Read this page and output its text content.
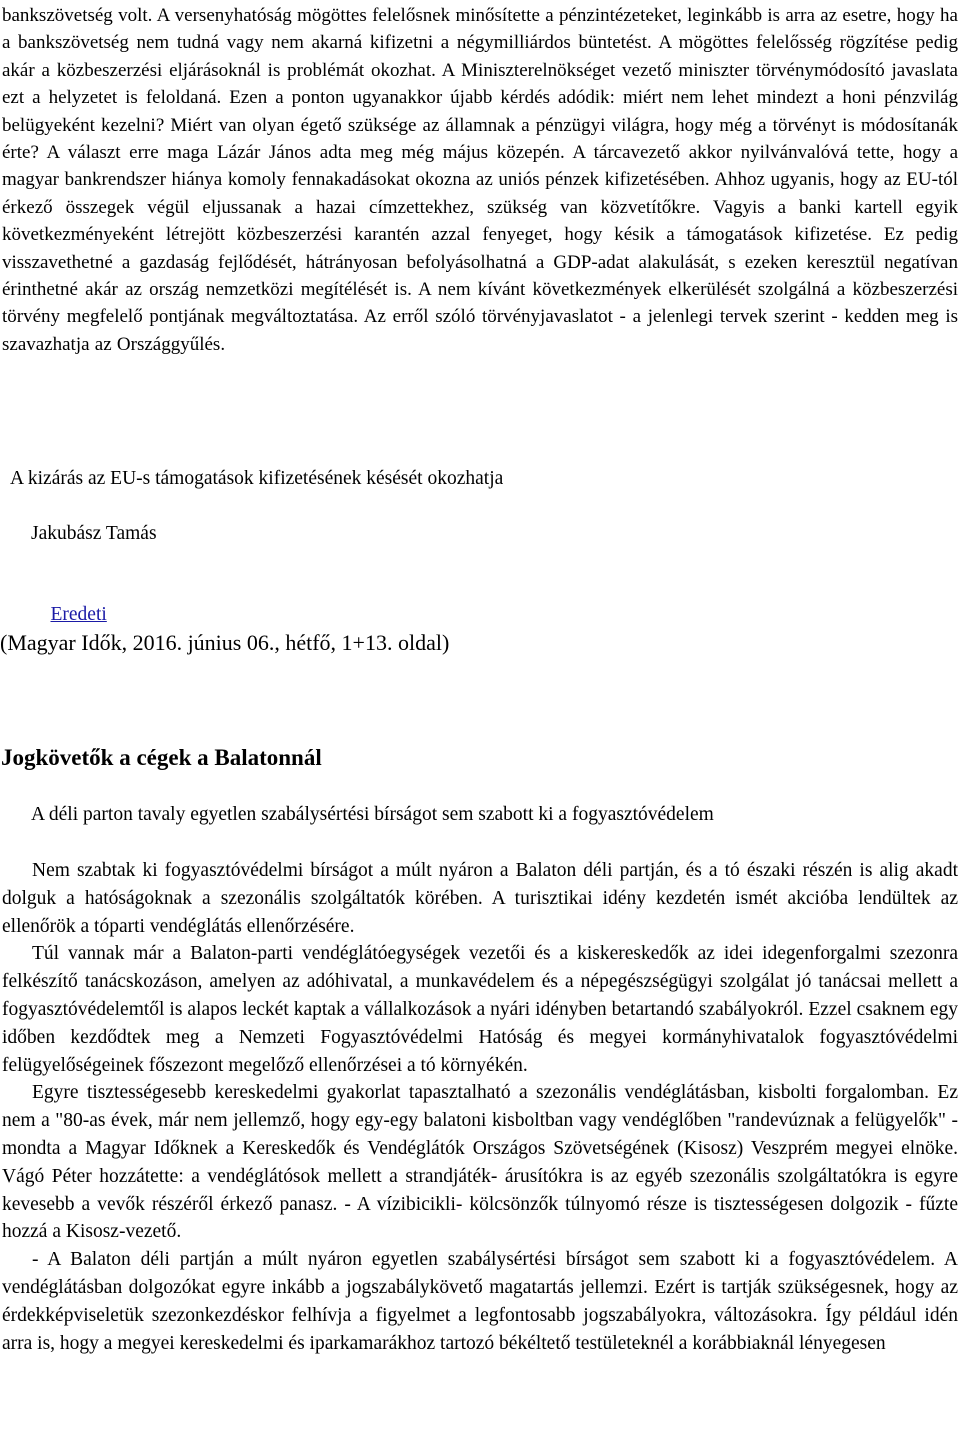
bankszövetség volt. A versenyhatóság mögöttes felelősnek minősítette a pénzintézeteket, leginkább is arra az esetre, hogy ha a bankszövetség nem tudná vagy nem akarná kifizetni a négymilliárdos büntetést. A mögöttes felelősség rögzítése pedig akár a közbeszerzési eljárásoknál is problémát okozhat. A Miniszterelnökséget vezető miniszter törvénymódosító javaslata ezt a helyzetet is feloldaná. Ezen a ponton ugyanakkor újabb kérdés adódik: miért nem lehet mindezt a honi pénzvilág belügyeként kezelni? Miért van olyan égető szüksége az államnak a pénzügyi világra, hogy még a törvényt is módosítanák érte? A választ erre maga Lázár János adta meg még május közepén. A tárcavezető akkor nyilvánvalóvá tette, hogy a magyar bankrendszer hiánya komoly fennakadásokat okozna az uniós pénzek kifizetésében. Ahhoz ugyanis, hogy az EU-tól érkező összegek végül eljussanak a hazai címzettekhez, szükség van közvetítőkre. Vagyis a banki kartell egyik következményeként létrejött közbeszerzési karantén azzal fenyeget, hogy késik a támogatások kifizetése. Ez pedig visszavethetné a gazdaság fejlődését, hátrányosan befolyásolhatná a GDP-adat alakulását, s ezeken keresztül negatívan érinthetné akár az ország nemzetközi megítélését is. A nem kívánt következmények elkerülését szolgálná a közbeszerzési törvény megfelelő pontjának megváltoztatása. Az erről szóló törvényjavaslatot - a jelenlegi tervek szerint - kedden meg is szavazhatja az Országgyűlés.

A kizárás az EU-s támogatások kifizetésének késését okozhatja
Jakubász Tamás

Eredeti

(Magyar Idők, 2016. június 06., hétfő, 1+13. oldal)
Jogkövetők a cégek a Balatonnál
A déli parton tavaly egyetlen szabálysértési bírságot sem szabott ki a fogyasztóvédelem

Nem szabtak ki fogyasztóvédelmi bírságot a múlt nyáron a Balaton déli partján, és a tó északi részén is alig akadt dolguk a hatóságoknak a szezonális szolgáltatók körében. A turisztikai idény kezdetén ismét akcióba lendültek az ellenőrök a tóparti vendéglátás ellenőrzésére.

Túl vannak már a Balaton-parti vendéglátóegységek vezetői és a kiskereskedők az idei idegenforgalmi szezonra felkészítő tanácskozáson, amelyen az adóhivatal, a munkavédelem és a népegészségügyi szolgálat jó tanácsai mellett a fogyasztóvédelemtől is alapos leckét kaptak a vállalkozások a nyári idényben betartandó szabályokról. Ezzel csaknem egy időben kezdődtek meg a Nemzeti Fogyasztóvédelmi Hatóság és megyei kormányhivatalok fogyasztóvédelmi felügyelőségeinek főszezont megelőző ellenőrzései a tó környékén.

Egyre tisztességesebb kereskedelmi gyakorlat tapasztalható a szezonális vendéglátásban, kisbolti forgalomban. Ez nem a "80-as évek, már nem jellemző, hogy egy-egy balatoni kisboltban vagy vendéglőben "randevúznak a felügyelők" - mondta a Magyar Időknek a Kereskedők és Vendéglátók Országos Szövetségének (Kisosz) Veszprém megyei elnöke. Vágó Péter hozzátette: a vendéglátósok mellett a strandjáték- árusítókra is az egyéb szezonális szolgáltatókra is egyre kevesebb a vevők részéről érkező panasz. - A vízibicikli- kölcsönzők túlnyomó része is tisztességesen dolgozik - fűzte hozzá a Kisosz-vezető.

- A Balaton déli partján a múlt nyáron egyetlen szabálysértési bírságot sem szabott ki a fogyasztóvédelem. A vendéglátásban dolgozókat egyre inkább a jogszabálykövető magatartás jellemzi. Ezért is tartják szükségesnek, hogy az érdekképviseletük szezonkezdéskor felhívja a figyelmet a legfontosabb jogszabályokra, változásokra. Így például idén arra is, hogy a megyei kereskedelmi és iparkamarákhoz tartozó békéltető testületeknél a korábbiaknál lényegesen
